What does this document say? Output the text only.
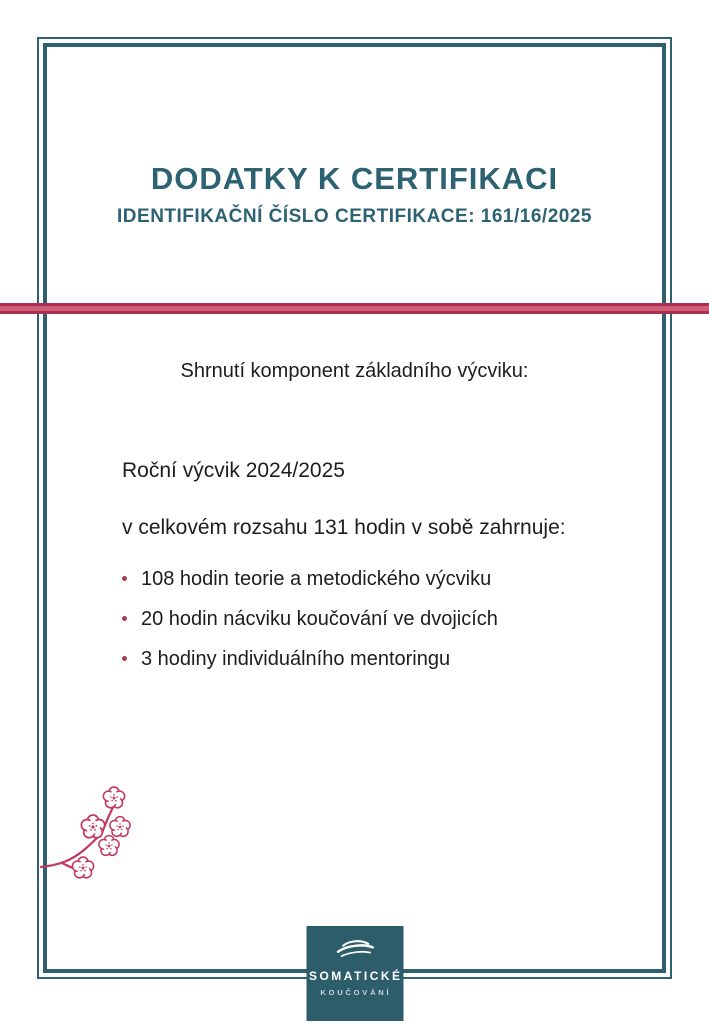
DODATKY K CERTIFIKACI
IDENTIFIKAČNÍ ČÍSLO CERTIFIKACE: 161/16/2025
Shrnutí komponent základního výcviku:

Roční výcvik 2024/2025

v celkovém rozsahu 131 hodin v sobě zahrnuje:

108 hodin teorie a metodického výcviku
20 hodin nácviku koučování ve dvojicích
3 hodiny individuálního mentoringu
SOMATICKÉ
KOUČOVÁNÍ
